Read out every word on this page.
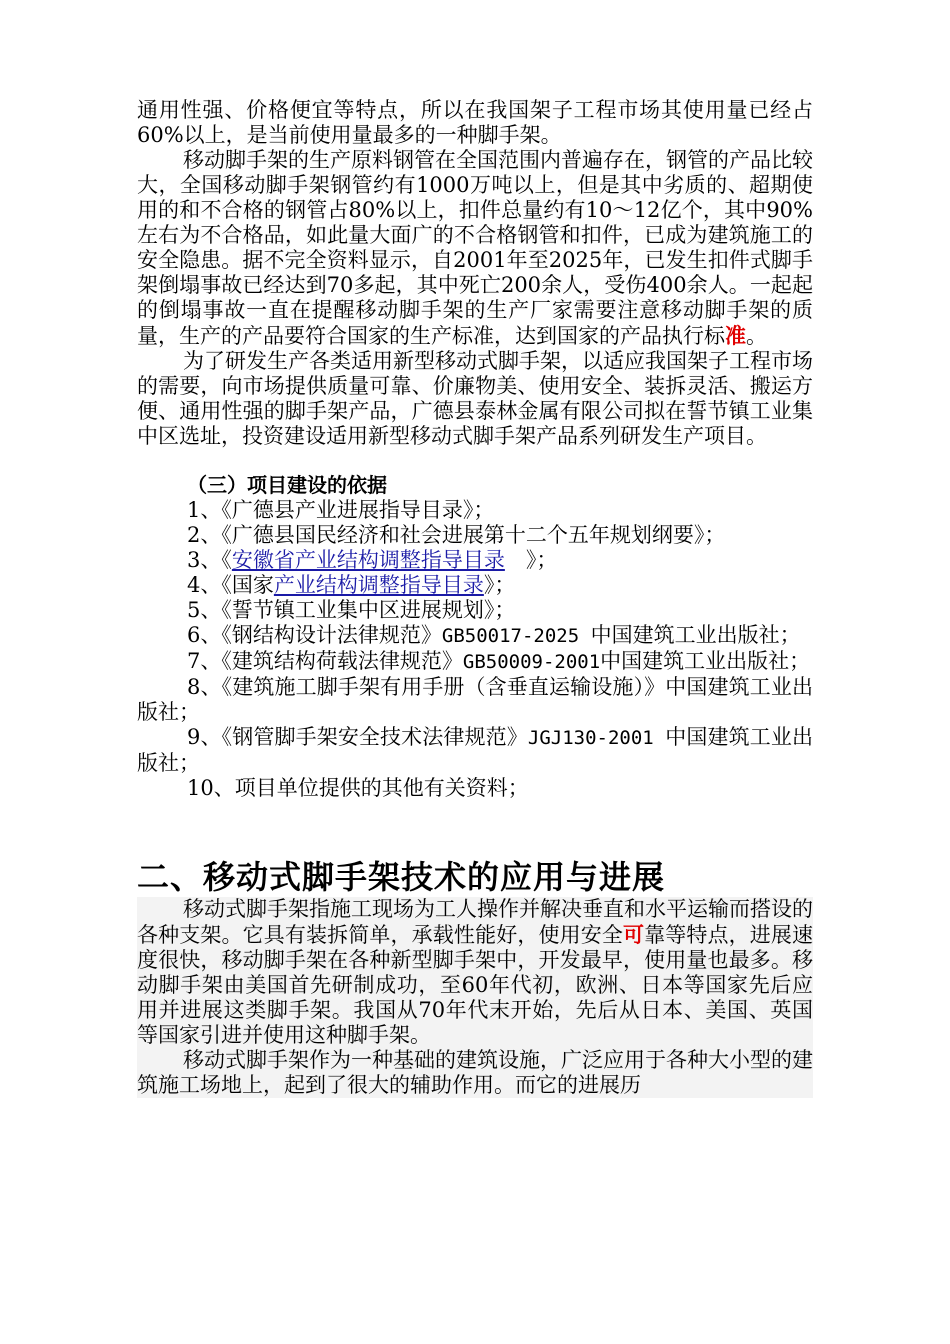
通用性强、价格便宜等特点，所以在我国架子工程市场其使用量已经占60%以上，是当前使用量最多的一种脚手架。

移动脚手架的生产原料钢管在全国范围内普遍存在，钢管的产品比较大，全国移动脚手架钢管约有1000万吨以上，但是其中劣质的、超期使用的和不合格的钢管占80%以上，扣件总量约有10～12亿个，其中90%左右为不合格品，如此量大面广的不合格钢管和扣件，已成为建筑施工的安全隐患。据不完全资料显示，自2001年至2025年，已发生扣件式脚手架倒塌事故已经达到70多起，其中死亡200余人，受伤400余人。一起起的倒塌事故一直在提醒移动脚手架的生产厂家需要注意移动脚手架的质量，生产的产品要符合国家的生产标准，达到国家的产品执行标准。

为了研发生产各类适用新型移动式脚手架，以适应我国架子工程市场的需要，向市场提供质量可靠、价廉物美、使用安全、装拆灵活、搬运方便、通用性强的脚手架产品，广德县泰林金属有限公司拟在誓节镇工业集中区选址，投资建设适用新型移动式脚手架产品系列研发生产项目。

（三）项目建设的依据

1、《广德县产业进展指导目录》；

2、《广德县国民经济和社会进展第十二个五年规划纲要》；

3、《安徽省产业结构调整指导目录　》；

4、《国家产业结构调整指导目录》；

5、《誓节镇工业集中区进展规划》；

6、《钢结构设计法律规范》GB50017-2025 中国建筑工业出版社；

7、《建筑结构荷载法律规范》GB50009-2001中国建筑工业出版社；

8、《建筑施工脚手架有用手册（含垂直运输设施）》中国建筑工业出版社；

9、《钢管脚手架安全技术法律规范》JGJ130-2001 中国建筑工业出版社；

10、项目单位提供的其他有关资料；

二、移动式脚手架技术的应用与进展

移动式脚手架指施工现场为工人操作并解决垂直和水平运输而搭设的各种支架。它具有装拆简单，承载性能好，使用安全可靠等特点，进展速度很快，移动脚手架在各种新型脚手架中，开发最早，使用量也最多。移动脚手架由美国首先研制成功，至60年代初，欧洲、日本等国家先后应用并进展这类脚手架。我国从70年代末开始，先后从日本、美国、英国等国家引进并使用这种脚手架。

移动式脚手架作为一种基础的建筑设施，广泛应用于各种大小型的建筑施工场地上，起到了很大的辅助作用。而它的进展历
